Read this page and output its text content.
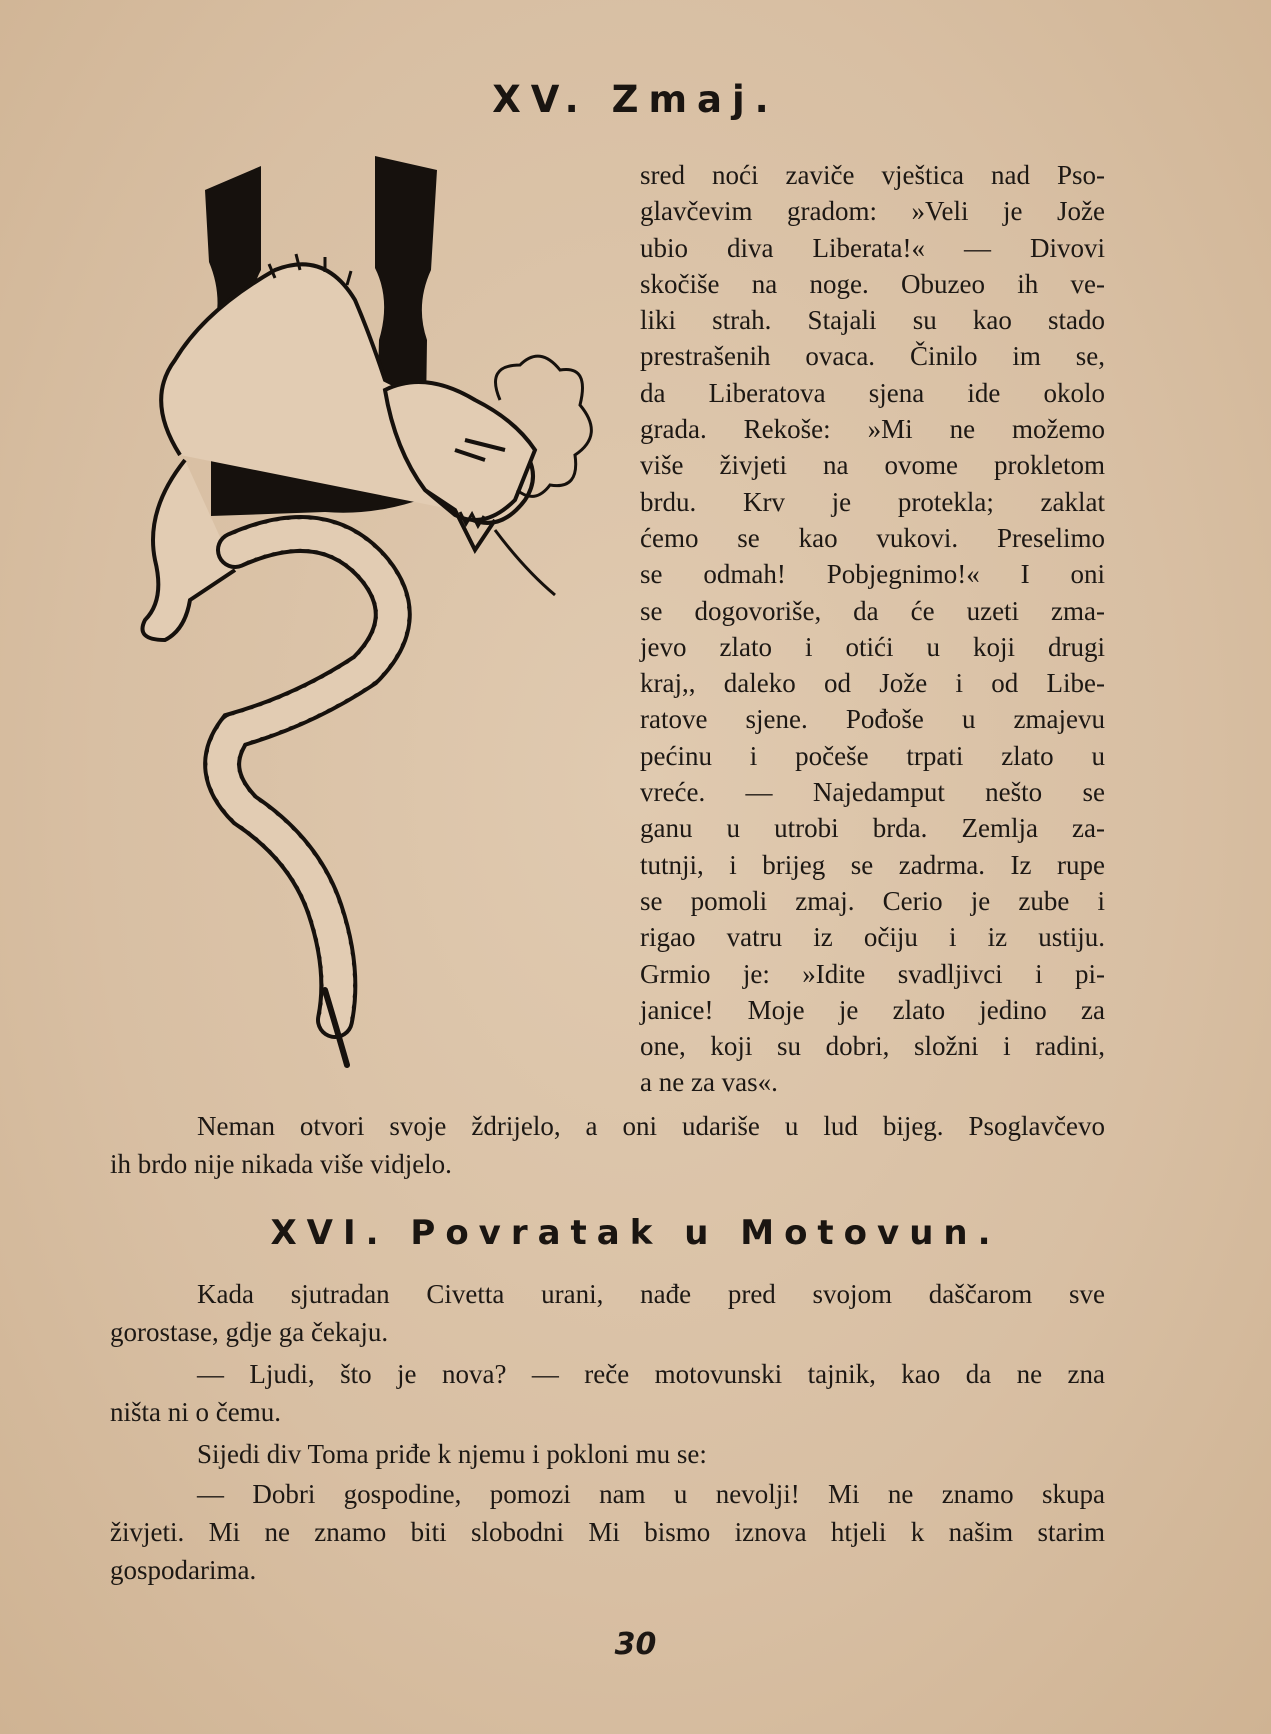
XV. Zmaj.
sred noći zaviče vještica nad Pso-
glavčevim gradom: »Veli je Jože
ubio diva Liberata!« — Divovi
skočiše na noge. Obuzeo ih ve-
liki strah. Stajali su kao stado
prestrašenih ovaca. Činilo im se,
da Liberatova sjena ide okolo
grada. Rekoše: »Mi ne možemo
više živjeti na ovome prokletom
brdu. Krv je protekla; zaklat
ćemo se kao vukovi. Preselimo
se odmah! Pobjegnimo!« I oni
se dogovoriše, da će uzeti zma-
jevo zlato i otići u koji drugi
kraj,, daleko od Jože i od Libe-
ratove sjene. Pođoše u zmajevu
pećinu i počeše trpati zlato u
vreće. — Najedamput nešto se
ganu u utrobi brda. Zemlja za-
tutnji, i brijeg se zadrma. Iz rupe
se pomoli zmaj. Cerio je zube i
rigao vatru iz očiju i iz ustiju.
Grmio je: »Idite svadljivci i pi-
janice! Moje je zlato jedino za
one, koji su dobri, složni i radini,
a ne za vas«.
Neman otvori svoje ždrijelo, a oni udariše u lud bijeg. Psoglavčevo
ih brdo nije nikada više vidjelo.
XVI. Povratak u Motovun.
Kada sjutradan Civetta urani, nađe pred svojom daščarom sve
gorostase, gdje ga čekaju.
— Ljudi, što je nova? — reče motovunski tajnik, kao da ne zna
ništa ni o čemu.
Sijedi div Toma priđe k njemu i pokloni mu se:
— Dobri gospodine, pomozi nam u nevolji! Mi ne znamo skupa
živjeti. Mi ne znamo biti slobodni Mi bismo iznova htjeli k našim starim
gospodarima.
30
